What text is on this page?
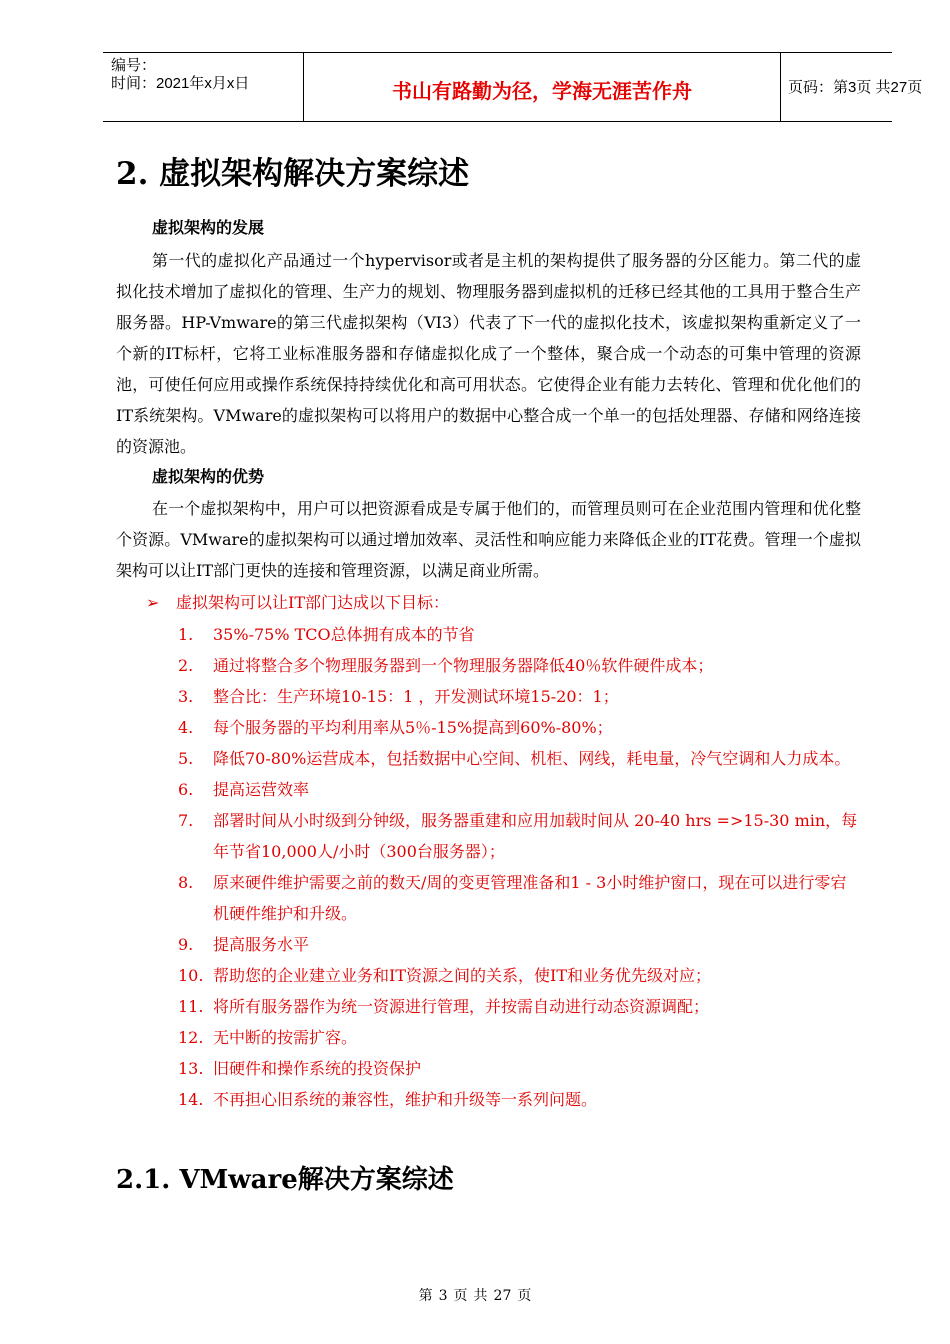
编号：
时间：2021年x月x日	书山有路勤为径，学海无涯苦作舟	页码：第3页 共27页
2. 虚拟架构解决方案综述
虚拟架构的发展

第一代的虚拟化产品通过一个hypervisor或者是主机的架构提供了服务器的分区能力。第二代的虚拟化技术增加了虚拟化的管理、生产力的规划、物理服务器到虚拟机的迁移已经其他的工具用于整合生产服务器。HP-Vmware的第三代虚拟架构（VI3）代表了下一代的虚拟化技术，该虚拟架构重新定义了一个新的IT标杆，它将工业标准服务器和存储虚拟化成了一个整体，聚合成一个动态的可集中管理的资源池，可使任何应用或操作系统保持持续优化和高可用状态。它使得企业有能力去转化、管理和优化他们的IT系统架构。VMware的虚拟架构可以将用户的数据中心整合成一个单一的包括处理器、存储和网络连接的资源池。

虚拟架构的优势

在一个虚拟架构中，用户可以把资源看成是专属于他们的，而管理员则可在企业范围内管理和优化整个资源。VMware的虚拟架构可以通过增加效率、灵活性和响应能力来降低企业的IT花费。管理一个虚拟架构可以让IT部门更快的连接和管理资源，以满足商业所需。

➢ 虚拟架构可以让IT部门达成以下目标：
1. 35%-75% TCO总体拥有成本的节省
2. 通过将整合多个物理服务器到一个物理服务器降低40％软件硬件成本；
3. 整合比：生产环境10-15：1 ，开发测试环境15-20：1；
4. 每个服务器的平均利用率从5％-15%提高到60%-80%；
5. 降低70-80%运营成本，包括数据中心空间、机柜、网线，耗电量，冷气空调和人力成本。
6. 提高运营效率
7. 部署时间从小时级到分钟级，服务器重建和应用加载时间从 20-40 hrs =>15-30 min，每年节省10,000人/小时（300台服务器）；
8. 原来硬件维护需要之前的数天/周的变更管理准备和1 - 3小时维护窗口，现在可以进行零宕机硬件维护和升级。
9. 提高服务水平
10. 帮助您的企业建立业务和IT资源之间的关系，使IT和业务优先级对应；
11. 将所有服务器作为统一资源进行管理，并按需自动进行动态资源调配；
12. 无中断的按需扩容。
13. 旧硬件和操作系统的投资保护
14. 不再担心旧系统的兼容性，维护和升级等一系列问题。
2.1. VMware解决方案综述
第 3 页 共 27 页
